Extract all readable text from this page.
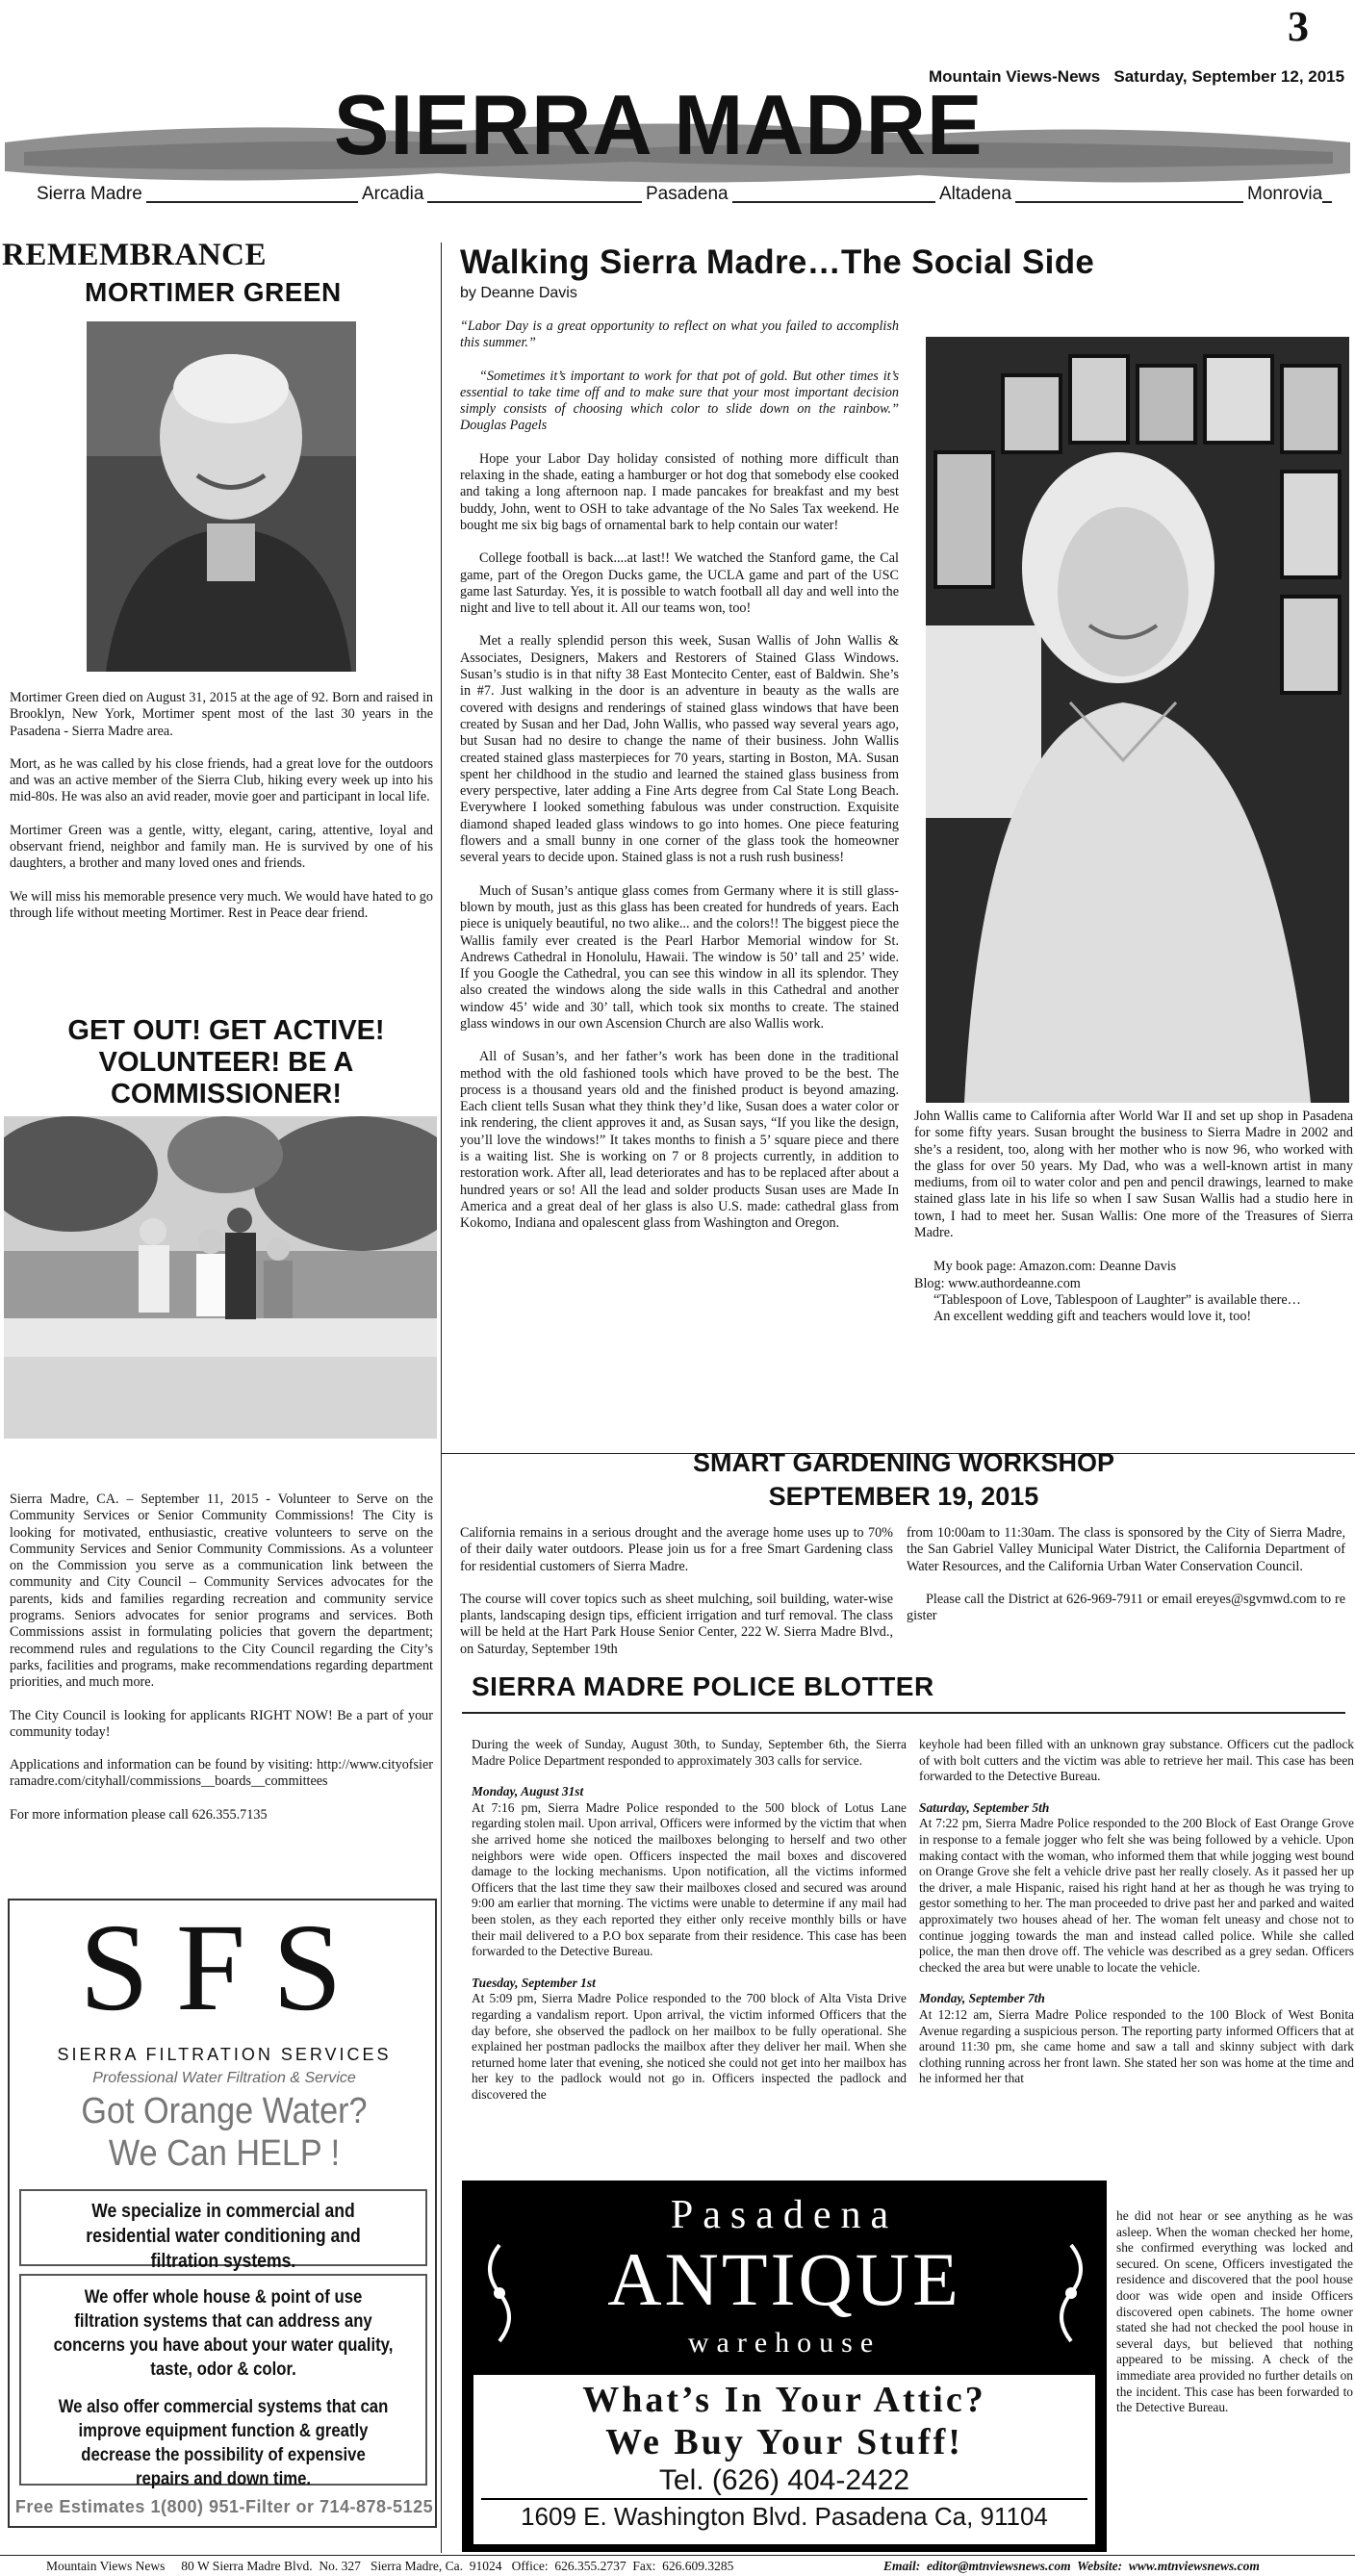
3
Mountain Views-News   Saturday, September 12, 2015
SIERRA MADRE
Sierra Madre	Arcadia	Pasadena	Altadena	Monrovia
REMEMBRANCE
MORTIMER GREEN

Mortimer Green died on August 31, 2015 at the age of 92. Born and raised in Brooklyn, New York, Mortimer spent most of the last 30 years in the Pasadena - Sierra Madre area.

Mort, as he was called by his close friends, had a great love for the outdoors and was an active member of the Sierra Club, hiking every week up into his mid-80s. He was also an avid reader, movie goer and participant in local life.

Mortimer Green was a gentle, witty, elegant, caring, attentive, loyal and observant friend, neighbor and family man. He is survived by one of his daughters, a brother and many loved ones and friends.

We will miss his memorable presence very much. We would have hated to go through life without meeting Mortimer. Rest in Peace dear friend.

GET OUT! GET ACTIVE! VOLUNTEER! BE A COMMISSIONER!

Sierra Madre, CA. – September 11, 2015 - Volunteer to Serve on the Community Services or Senior Community Commissions! The City is looking for motivated, enthusiastic, creative volunteers to serve on the Community Services and Senior Community Commissions. As a volunteer on the Commission you serve as a communication link between the community and City Council – Community Services advocates for the parents, kids and families regarding recreation and community service programs. Seniors advocates for senior programs and services. Both Commissions assist in formulating policies that govern the department; recommend rules and regulations to the City Council regarding the City’s parks, facilities and programs, make recommendations regarding department priorities, and much more.

The City Council is looking for applicants RIGHT NOW! Be a part of your community today!

Applications and information can be found by visiting: http://www.cityofsierramadre.com/cityhall/commissions__boards__committees

For more information please call 626.355.7135

SFS
SIERRA FILTRATION SERVICES
Professional Water Filtration & Service
Got Orange Water?
We Can HELP !
We specialize in commercial and residential water conditioning and filtration systems.
We offer whole house & point of use filtration systems that can address any concerns you have about your water quality, taste, odor & color.
We also offer commercial systems that can improve equipment function & greatly decrease the possibility of expensive repairs and down time.
Free Estimates 1(800) 951-Filter or 714-878-5125
Walking Sierra Madre…The Social Side
by Deanne Davis

“Labor Day is a great opportunity to reflect on what you failed to accomplish this summer.”

“Sometimes it’s important to work for that pot of gold. But other times it’s essential to take time off and to make sure that your most important decision simply consists of choosing which color to slide down on the rainbow.” Douglas Pagels

Hope your Labor Day holiday consisted of nothing more difficult than relaxing in the shade, eating a hamburger or hot dog that somebody else cooked and taking a long afternoon nap. I made pancakes for breakfast and my best buddy, John, went to OSH to take advantage of the No Sales Tax weekend. He bought me six big bags of ornamental bark to help contain our water!

College football is back....at last!! We watched the Stanford game, the Cal game, part of the Oregon Ducks game, the UCLA game and part of the USC game last Saturday. Yes, it is possible to watch football all day and well into the night and live to tell about it. All our teams won, too!

Met a really splendid person this week, Susan Wallis of John Wallis & Associates, Designers, Makers and Restorers of Stained Glass Windows. Susan’s studio is in that nifty 38 East Montecito Center, east of Baldwin. She’s in #7. Just walking in the door is an adventure in beauty as the walls are covered with designs and renderings of stained glass windows that have been created by Susan and her Dad, John Wallis, who passed way several years ago, but Susan had no desire to change the name of their business. John Wallis created stained glass masterpieces for 70 years, starting in Boston, MA. Susan spent her childhood in the studio and learned the stained glass business from every perspective, later adding a Fine Arts degree from Cal State Long Beach. Everywhere I looked something fabulous was under construction. Exquisite diamond shaped leaded glass windows to go into homes. One piece featuring flowers and a small bunny in one corner of the glass took the homeowner several years to decide upon. Stained glass is not a rush rush business!

Much of Susan’s antique glass comes from Germany where it is still glass-blown by mouth, just as this glass has been created for hundreds of years. Each piece is uniquely beautiful, no two alike... and the colors!! The biggest piece the Wallis family ever created is the Pearl Harbor Memorial window for St. Andrews Cathedral in Honolulu, Hawaii. The window is 50’ tall and 25’ wide. If you Google the Cathedral, you can see this window in all its splendor. They also created the windows along the side walls in this Cathedral and another window 45’ wide and 30’ tall, which took six months to create. The stained glass windows in our own Ascension Church are also Wallis work.

All of Susan’s, and her father’s work has been done in the traditional method with the old fashioned tools which have proved to be the best. The process is a thousand years old and the finished product is beyond amazing. Each client tells Susan what they think they’d like, Susan does a water color or ink rendering, the client approves it and, as Susan says, “If you like the design, you’ll love the windows!” It takes months to finish a 5’ square piece and there is a waiting list. She is working on 7 or 8 projects currently, in addition to restoration work. After all, lead deteriorates and has to be replaced after about a hundred years or so! All the lead and solder products Susan uses are Made In America and a great deal of her glass is also U.S. made: cathedral glass from Kokomo, Indiana and opalescent glass from Washington and Oregon.

John Wallis came to California after World War II and set up shop in Pasadena for some fifty years. Susan brought the business to Sierra Madre in 2002 and she’s a resident, too, along with her mother who is now 96, who worked with the glass for over 50 years. My Dad, who was a well-known artist in many mediums, from oil to water color and pen and pencil drawings, learned to make stained glass late in his life so when I saw Susan Wallis had a studio here in town, I had to meet her. Susan Wallis: One more of the Treasures of Sierra Madre.

My book page: Amazon.com: Deanne Davis

Blog: www.authordeanne.com

“Tablespoon of Love, Tablespoon of Laughter” is available there…

An excellent wedding gift and teachers would love it, too!

SMART GARDENING WORKSHOP
SEPTEMBER 19, 2015

California remains in a serious drought and the average home uses up to 70% of their daily water outdoors. Please join us for a free Smart Gardening class for residential customers of Sierra Madre.

The course will cover topics such as sheet mulching, soil building, water-wise plants, landscaping design tips, efficient irrigation and turf removal. The class will be held at the Hart Park House Senior Center, 222 W. Sierra Madre Blvd., on Saturday, September 19th

from 10:00am to 11:30am. The class is sponsored by the City of Sierra Madre, the San Gabriel Valley Municipal Water District, the California Department of Water Resources, and the California Urban Water Conservation Council.

Please call the District at 626-969-7911 or email ereyes@sgvmwd.com to register

SIERRA MADRE POLICE BLOTTER

During the week of Sunday, August 30th, to Sunday, September 6th, the Sierra Madre Police Department responded to approximately 303 calls for service.

Monday, August 31st

At 7:16 pm, Sierra Madre Police responded to the 500 block of Lotus Lane regarding stolen mail. Upon arrival, Officers were informed by the victim that when she arrived home she noticed the mailboxes belonging to herself and two other neighbors were wide open. Officers inspected the mail boxes and discovered damage to the locking mechanisms. Upon notification, all the victims informed Officers that the last time they saw their mailboxes closed and secured was around 9:00 am earlier that morning. The victims were unable to determine if any mail had been stolen, as they each reported they either only receive monthly bills or have their mail delivered to a P.O box separate from their residence. This case has been forwarded to the Detective Bureau.

Tuesday, September 1st

At 5:09 pm, Sierra Madre Police responded to the 700 block of Alta Vista Drive regarding a vandalism report. Upon arrival, the victim informed Officers that the day before, she observed the padlock on her mailbox to be fully operational. She explained her postman padlocks the mailbox after they deliver her mail. When she returned home later that evening, she noticed she could not get into her mailbox has her key to the padlock would not go in. Officers inspected the padlock and discovered the

keyhole had been filled with an unknown gray substance. Officers cut the padlock of with bolt cutters and the victim was able to retrieve her mail. This case has been forwarded to the Detective Bureau.

Saturday, September 5th

At 7:22 pm, Sierra Madre Police responded to the 200 Block of East Orange Grove in response to a female jogger who felt she was being followed by a vehicle. Upon making contact with the woman, who informed them that while jogging west bound on Orange Grove she felt a vehicle drive past her really closely. As it passed her up the driver, a male Hispanic, raised his right hand at her as though he was trying to gestor something to her. The man proceeded to drive past her and parked and waited approximately two houses ahead of her. The woman felt uneasy and chose not to continue jogging towards the man and instead called police. While she called police, the man then drove off. The vehicle was described as a grey sedan. Officers checked the area but were unable to locate the vehicle.

Monday, September 7th

At 12:12 am, Sierra Madre Police responded to the 100 Block of West Bonita Avenue regarding a suspicious person. The reporting party informed Officers that at around 11:30 pm, she came home and saw a tall and skinny subject with dark clothing running across her front lawn. She stated her son was home at the time and he informed her that

he did not hear or see anything as he was asleep. When the woman checked her home, she confirmed everything was locked and secured. On scene, Officers investigated the residence and discovered that the pool house door was wide open and inside Officers discovered open cabinets. The home owner stated she had not checked the pool house in several days, but believed that nothing appeared to be missing. A check of the immediate area provided no further details on the incident. This case has been forwarded to the Detective Bureau.

Pasadena
ANTIQUE
warehouse
What’s In Your Attic?
We Buy Your Stuff!
Tel. (626) 404-2422
1609 E. Washington Blvd. Pasadena Ca, 91104
Mountain Views News     80 W Sierra Madre Blvd.  No. 327   Sierra Madre, Ca.  91024   Office:  626.355.2737  Fax:  626.609.3285	Email:  editor@mtnviewsnews.com  Website:  www.mtnviewsnews.com
